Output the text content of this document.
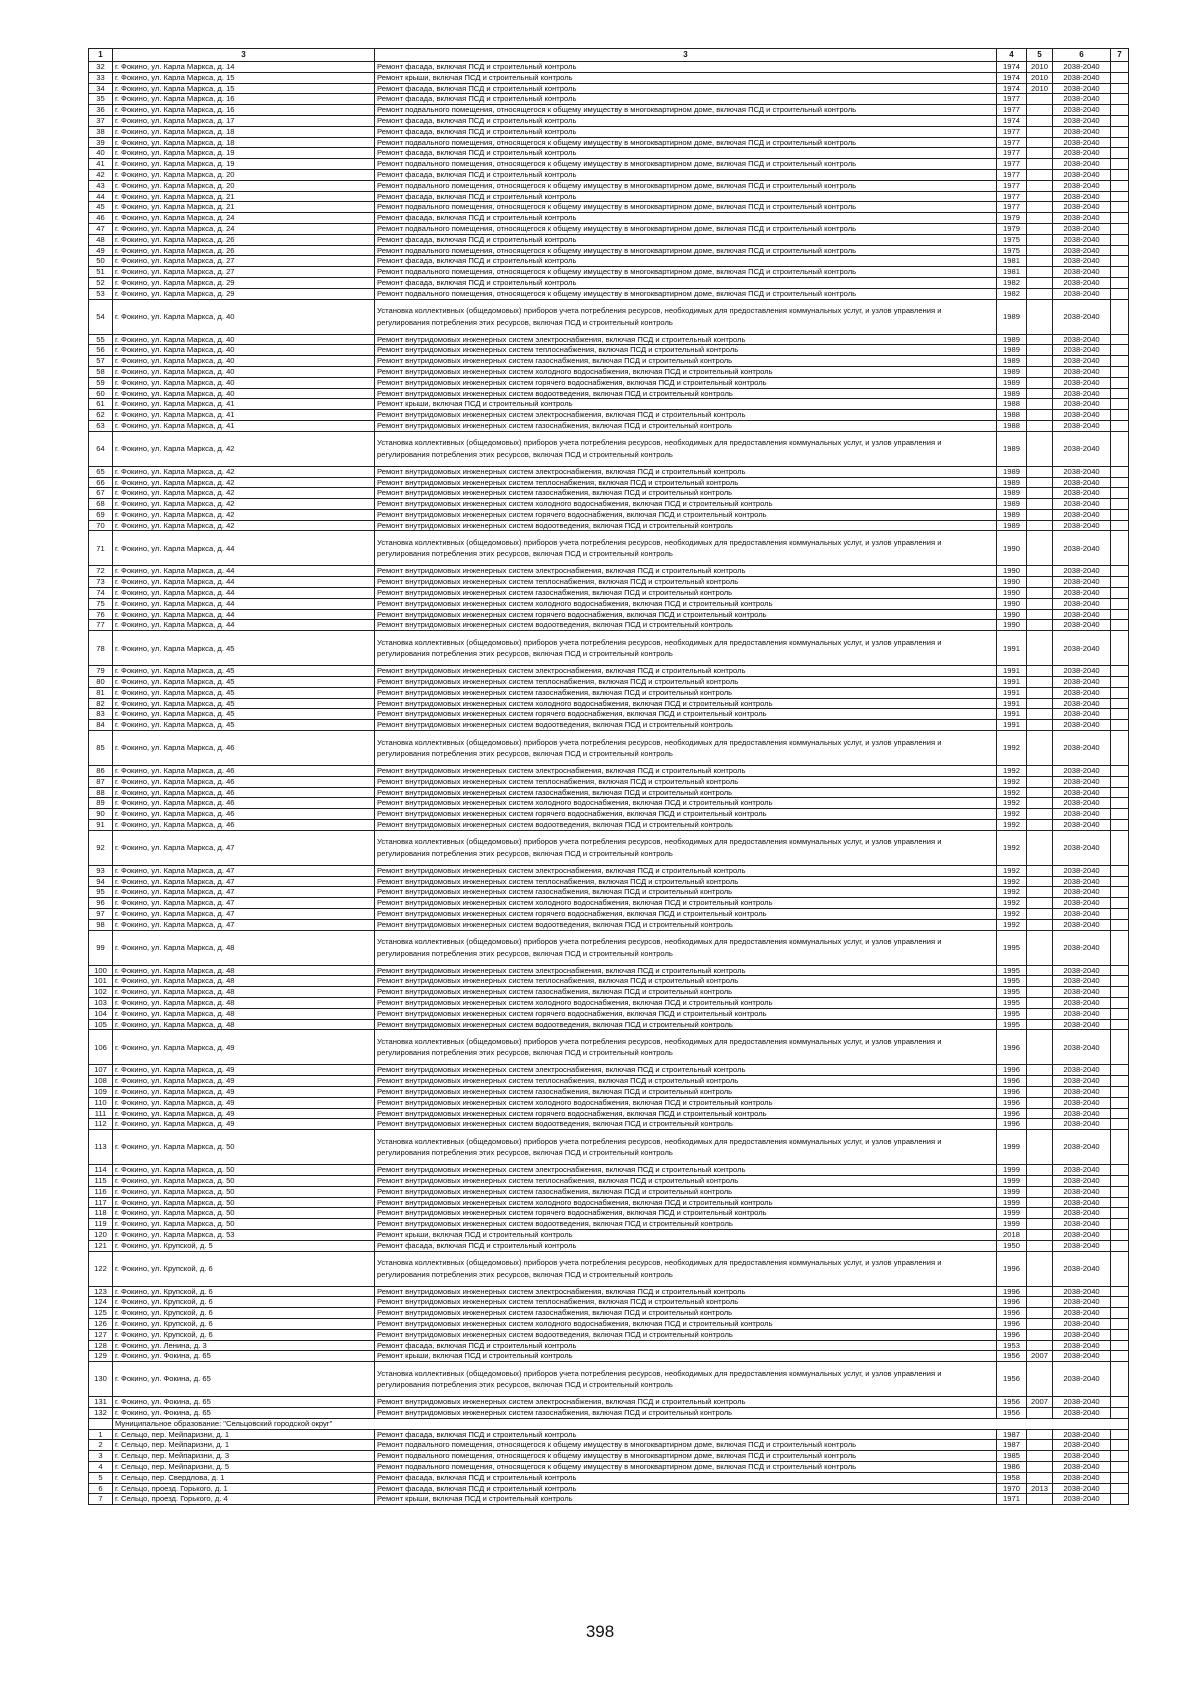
1	3	3	4	5	6	7
32	г. Фокино, ул. Карла Маркса, д. 14	Ремонт фасада, включая ПСД и строительный контроль	1974	2010	2038-2040	
33	г. Фокино, ул. Карла Маркса, д. 15	Ремонт крыши, включая ПСД и строительный контроль	1974	2010	2038-2040	
34	г. Фокино, ул. Карла Маркса, д. 15	Ремонт фасада, включая ПСД и строительный контроль	1974	2010	2038-2040	
35	г. Фокино, ул. Карла Маркса, д. 16	Ремонт фасада, включая ПСД и строительный контроль	1977		2038-2040	
36	г. Фокино, ул. Карла Маркса, д. 16	Ремонт подвального помещения, относящегося к общему имуществу в многоквартирном доме, включая ПСД и строительный контроль	1977		2038-2040	
37	г. Фокино, ул. Карла Маркса, д. 17	Ремонт фасада, включая ПСД и строительный контроль	1974		2038-2040	
38	г. Фокино, ул. Карла Маркса, д. 18	Ремонт фасада, включая ПСД и строительный контроль	1977		2038-2040	
39	г. Фокино, ул. Карла Маркса, д. 18	Ремонт подвального помещения, относящегося к общему имуществу в многоквартирном доме, включая ПСД и строительный контроль	1977		2038-2040	
40	г. Фокино, ул. Карла Маркса, д. 19	Ремонт фасада, включая ПСД и строительный контроль	1977		2038-2040	
41	г. Фокино, ул. Карла Маркса, д. 19	Ремонт подвального помещения, относящегося к общему имуществу в многоквартирном доме, включая ПСД и строительный контроль	1977		2038-2040	
42	г. Фокино, ул. Карла Маркса, д. 20	Ремонт фасада, включая ПСД и строительный контроль	1977		2038-2040	
43	г. Фокино, ул. Карла Маркса, д. 20	Ремонт подвального помещения, относящегося к общему имуществу в многоквартирном доме, включая ПСД и строительный контроль	1977		2038-2040	
44	г. Фокино, ул. Карла Маркса, д. 21	Ремонт фасада, включая ПСД и строительный контроль	1977		2038-2040	
45	г. Фокино, ул. Карла Маркса, д. 21	Ремонт подвального помещения, относящегося к общему имуществу в многоквартирном доме, включая ПСД и строительный контроль	1977		2038-2040	
46	г. Фокино, ул. Карла Маркса, д. 24	Ремонт фасада, включая ПСД и строительный контроль	1979		2038-2040	
47	г. Фокино, ул. Карла Маркса, д. 24	Ремонт подвального помещения, относящегося к общему имуществу в многоквартирном доме, включая ПСД и строительный контроль	1979		2038-2040	
48	г. Фокино, ул. Карла Маркса, д. 26	Ремонт фасада, включая ПСД и строительный контроль	1975		2038-2040	
49	г. Фокино, ул. Карла Маркса, д. 26	Ремонт подвального помещения, относящегося к общему имуществу в многоквартирном доме, включая ПСД и строительный контроль	1975		2038-2040	
50	г. Фокино, ул. Карла Маркса, д. 27	Ремонт фасада, включая ПСД и строительный контроль	1981		2038-2040	
51	г. Фокино, ул. Карла Маркса, д. 27	Ремонт подвального помещения, относящегося к общему имуществу в многоквартирном доме, включая ПСД и строительный контроль	1981		2038-2040	
52	г. Фокино, ул. Карла Маркса, д. 29	Ремонт фасада, включая ПСД и строительный контроль	1982		2038-2040	
53	г. Фокино, ул. Карла Маркса, д. 29	Ремонт подвального помещения, относящегося к общему имуществу в многоквартирном доме, включая ПСД и строительный контроль	1982		2038-2040	
54	г. Фокино, ул. Карла Маркса, д. 40	Установка коллективных (общедомовых) приборов учета потребления ресурсов, необходимых для предоставления коммунальных услуг, и узлов управления и регулирования потребления этих ресурсов, включая ПСД и строительный контроль	1989		2038-2040	
55	г. Фокино, ул. Карла Маркса, д. 40	Ремонт внутридомовых инженерных систем электроснабжения, включая ПСД и строительный контроль	1989		2038-2040	
56	г. Фокино, ул. Карла Маркса, д. 40	Ремонт внутридомовых инженерных систем теплоснабжения, включая ПСД и строительный контроль	1989		2038-2040	
57	г. Фокино, ул. Карла Маркса, д. 40	Ремонт внутридомовых инженерных систем газоснабжения, включая ПСД и строительный контроль	1989		2038-2040	
58	г. Фокино, ул. Карла Маркса, д. 40	Ремонт внутридомовых инженерных систем холодного водоснабжения, включая ПСД и строительный контроль	1989		2038-2040	
59	г. Фокино, ул. Карла Маркса, д. 40	Ремонт внутридомовых инженерных систем горячего водоснабжения, включая ПСД и строительный контроль	1989		2038-2040	
60	г. Фокино, ул. Карла Маркса, д. 40	Ремонт внутридомовых инженерных систем водоотведения, включая ПСД и строительный контроль	1989		2038-2040	
61	г. Фокино, ул. Карла Маркса, д. 41	Ремонт крыши, включая ПСД и строительный контроль	1988		2038-2040	
62	г. Фокино, ул. Карла Маркса, д. 41	Ремонт внутридомовых инженерных систем электроснабжения, включая ПСД и строительный контроль	1988		2038-2040	
63	г. Фокино, ул. Карла Маркса, д. 41	Ремонт внутридомовых инженерных систем газоснабжения, включая ПСД и строительный контроль	1988		2038-2040	
64	г. Фокино, ул. Карла Маркса, д. 42	Установка коллективных (общедомовых) приборов учета потребления ресурсов, необходимых для предоставления коммунальных услуг, и узлов управления и регулирования потребления этих ресурсов, включая ПСД и строительный контроль	1989		2038-2040	
65	г. Фокино, ул. Карла Маркса, д. 42	Ремонт внутридомовых инженерных систем электроснабжения, включая ПСД и строительный контроль	1989		2038-2040	
66	г. Фокино, ул. Карла Маркса, д. 42	Ремонт внутридомовых инженерных систем теплоснабжения, включая ПСД и строительный контроль	1989		2038-2040	
67	г. Фокино, ул. Карла Маркса, д. 42	Ремонт внутридомовых инженерных систем газоснабжения, включая ПСД и строительный контроль	1989		2038-2040	
68	г. Фокино, ул. Карла Маркса, д. 42	Ремонт внутридомовых инженерных систем холодного водоснабжения, включая ПСД и строительный контроль	1989		2038-2040	
69	г. Фокино, ул. Карла Маркса, д. 42	Ремонт внутридомовых инженерных систем горячего водоснабжения, включая ПСД и строительный контроль	1989		2038-2040	
70	г. Фокино, ул. Карла Маркса, д. 42	Ремонт внутридомовых инженерных систем водоотведения, включая ПСД и строительный контроль	1989		2038-2040	
71	г. Фокино, ул. Карла Маркса, д. 44	Установка коллективных (общедомовых) приборов учета потребления ресурсов, необходимых для предоставления коммунальных услуг, и узлов управления и регулирования потребления этих ресурсов, включая ПСД и строительный контроль	1990		2038-2040	
72	г. Фокино, ул. Карла Маркса, д. 44	Ремонт внутридомовых инженерных систем электроснабжения, включая ПСД и строительный контроль	1990		2038-2040	
73	г. Фокино, ул. Карла Маркса, д. 44	Ремонт внутридомовых инженерных систем теплоснабжения, включая ПСД и строительный контроль	1990		2038-2040	
74	г. Фокино, ул. Карла Маркса, д. 44	Ремонт внутридомовых инженерных систем газоснабжения, включая ПСД и строительный контроль	1990		2038-2040	
75	г. Фокино, ул. Карла Маркса, д. 44	Ремонт внутридомовых инженерных систем холодного водоснабжения, включая ПСД и строительный контроль	1990		2038-2040	
76	г. Фокино, ул. Карла Маркса, д. 44	Ремонт внутридомовых инженерных систем горячего водоснабжения, включая ПСД и строительный контроль	1990		2038-2040	
77	г. Фокино, ул. Карла Маркса, д. 44	Ремонт внутридомовых инженерных систем водоотведения, включая ПСД и строительный контроль	1990		2038-2040	
78	г. Фокино, ул. Карла Маркса, д. 45	Установка коллективных (общедомовых) приборов учета потребления ресурсов, необходимых для предоставления коммунальных услуг, и узлов управления и регулирования потребления этих ресурсов, включая ПСД и строительный контроль	1991		2038-2040	
79	г. Фокино, ул. Карла Маркса, д. 45	Ремонт внутридомовых инженерных систем электроснабжения, включая ПСД и строительный контроль	1991		2038-2040	
80	г. Фокино, ул. Карла Маркса, д. 45	Ремонт внутридомовых инженерных систем теплоснабжения, включая ПСД и строительный контроль	1991		2038-2040	
81	г. Фокино, ул. Карла Маркса, д. 45	Ремонт внутридомовых инженерных систем газоснабжения, включая ПСД и строительный контроль	1991		2038-2040	
82	г. Фокино, ул. Карла Маркса, д. 45	Ремонт внутридомовых инженерных систем холодного водоснабжения, включая ПСД и строительный контроль	1991		2038-2040	
83	г. Фокино, ул. Карла Маркса, д. 45	Ремонт внутридомовых инженерных систем горячего водоснабжения, включая ПСД и строительный контроль	1991		2038-2040	
84	г. Фокино, ул. Карла Маркса, д. 45	Ремонт внутридомовых инженерных систем водоотведения, включая ПСД и строительный контроль	1991		2038-2040	
85	г. Фокино, ул. Карла Маркса, д. 46	Установка коллективных (общедомовых) приборов учета потребления ресурсов, необходимых для предоставления коммунальных услуг, и узлов управления и регулирования потребления этих ресурсов, включая ПСД и строительный контроль	1992		2038-2040	
86	г. Фокино, ул. Карла Маркса, д. 46	Ремонт внутридомовых инженерных систем электроснабжения, включая ПСД и строительный контроль	1992		2038-2040	
87	г. Фокино, ул. Карла Маркса, д. 46	Ремонт внутридомовых инженерных систем теплоснабжения, включая ПСД и строительный контроль	1992		2038-2040	
88	г. Фокино, ул. Карла Маркса, д. 46	Ремонт внутридомовых инженерных систем газоснабжения, включая ПСД и строительный контроль	1992		2038-2040	
89	г. Фокино, ул. Карла Маркса, д. 46	Ремонт внутридомовых инженерных систем холодного водоснабжения, включая ПСД и строительный контроль	1992		2038-2040	
90	г. Фокино, ул. Карла Маркса, д. 46	Ремонт внутридомовых инженерных систем горячего водоснабжения, включая ПСД и строительный контроль	1992		2038-2040	
91	г. Фокино, ул. Карла Маркса, д. 46	Ремонт внутридомовых инженерных систем водоотведения, включая ПСД и строительный контроль	1992		2038-2040	
92	г. Фокино, ул. Карла Маркса, д. 47	Установка коллективных (общедомовых) приборов учета потребления ресурсов, необходимых для предоставления коммунальных услуг, и узлов управления и регулирования потребления этих ресурсов, включая ПСД и строительный контроль	1992		2038-2040	
93	г. Фокино, ул. Карла Маркса, д. 47	Ремонт внутридомовых инженерных систем электроснабжения, включая ПСД и строительный контроль	1992		2038-2040	
94	г. Фокино, ул. Карла Маркса, д. 47	Ремонт внутридомовых инженерных систем теплоснабжения, включая ПСД и строительный контроль	1992		2038-2040	
95	г. Фокино, ул. Карла Маркса, д. 47	Ремонт внутридомовых инженерных систем газоснабжения, включая ПСД и строительный контроль	1992		2038-2040	
96	г. Фокино, ул. Карла Маркса, д. 47	Ремонт внутридомовых инженерных систем холодного водоснабжения, включая ПСД и строительный контроль	1992		2038-2040	
97	г. Фокино, ул. Карла Маркса, д. 47	Ремонт внутридомовых инженерных систем горячего водоснабжения, включая ПСД и строительный контроль	1992		2038-2040	
98	г. Фокино, ул. Карла Маркса, д. 47	Ремонт внутридомовых инженерных систем водоотведения, включая ПСД и строительный контроль	1992		2038-2040	
99	г. Фокино, ул. Карла Маркса, д. 48	Установка коллективных (общедомовых) приборов учета потребления ресурсов, необходимых для предоставления коммунальных услуг, и узлов управления и регулирования потребления этих ресурсов, включая ПСД и строительный контроль	1995		2038-2040	
100	г. Фокино, ул. Карла Маркса, д. 48	Ремонт внутридомовых инженерных систем электроснабжения, включая ПСД и строительный контроль	1995		2038-2040	
101	г. Фокино, ул. Карла Маркса, д. 48	Ремонт внутридомовых инженерных систем теплоснабжения, включая ПСД и строительный контроль	1995		2038-2040	
102	г. Фокино, ул. Карла Маркса, д. 48	Ремонт внутридомовых инженерных систем газоснабжения, включая ПСД и строительный контроль	1995		2038-2040	
103	г. Фокино, ул. Карла Маркса, д. 48	Ремонт внутридомовых инженерных систем холодного водоснабжения, включая ПСД и строительный контроль	1995		2038-2040	
104	г. Фокино, ул. Карла Маркса, д. 48	Ремонт внутридомовых инженерных систем горячего водоснабжения, включая ПСД и строительный контроль	1995		2038-2040	
105	г. Фокино, ул. Карла Маркса, д. 48	Ремонт внутридомовых инженерных систем водоотведения, включая ПСД и строительный контроль	1995		2038-2040	
106	г. Фокино, ул. Карла Маркса, д. 49	Установка коллективных (общедомовых) приборов учета потребления ресурсов, необходимых для предоставления коммунальных услуг, и узлов управления и регулирования потребления этих ресурсов, включая ПСД и строительный контроль	1996		2038-2040	
107	г. Фокино, ул. Карла Маркса, д. 49	Ремонт внутридомовых инженерных систем электроснабжения, включая ПСД и строительный контроль	1996		2038-2040	
108	г. Фокино, ул. Карла Маркса, д. 49	Ремонт внутридомовых инженерных систем теплоснабжения, включая ПСД и строительный контроль	1996		2038-2040	
109	г. Фокино, ул. Карла Маркса, д. 49	Ремонт внутридомовых инженерных систем газоснабжения, включая ПСД и строительный контроль	1996		2038-2040	
110	г. Фокино, ул. Карла Маркса, д. 49	Ремонт внутридомовых инженерных систем холодного водоснабжения, включая ПСД и строительный контроль	1996		2038-2040	
111	г. Фокино, ул. Карла Маркса, д. 49	Ремонт внутридомовых инженерных систем горячего водоснабжения, включая ПСД и строительный контроль	1996		2038-2040	
112	г. Фокино, ул. Карла Маркса, д. 49	Ремонт внутридомовых инженерных систем водоотведения, включая ПСД и строительный контроль	1996		2038-2040	
113	г. Фокино, ул. Карла Маркса, д. 50	Установка коллективных (общедомовых) приборов учета потребления ресурсов, необходимых для предоставления коммунальных услуг, и узлов управления и регулирования потребления этих ресурсов, включая ПСД и строительный контроль	1999		2038-2040	
114	г. Фокино, ул. Карла Маркса, д. 50	Ремонт внутридомовых инженерных систем электроснабжения, включая ПСД и строительный контроль	1999		2038-2040	
115	г. Фокино, ул. Карла Маркса, д. 50	Ремонт внутридомовых инженерных систем теплоснабжения, включая ПСД и строительный контроль	1999		2038-2040	
116	г. Фокино, ул. Карла Маркса, д. 50	Ремонт внутридомовых инженерных систем газоснабжения, включая ПСД и строительный контроль	1999		2038-2040	
117	г. Фокино, ул. Карла Маркса, д. 50	Ремонт внутридомовых инженерных систем холодного водоснабжения, включая ПСД и строительный контроль	1999		2038-2040	
118	г. Фокино, ул. Карла Маркса, д. 50	Ремонт внутридомовых инженерных систем горячего водоснабжения, включая ПСД и строительный контроль	1999		2038-2040	
119	г. Фокино, ул. Карла Маркса, д. 50	Ремонт внутридомовых инженерных систем водоотведения, включая ПСД и строительный контроль	1999		2038-2040	
120	г. Фокино, ул. Карла Маркса, д. 53	Ремонт крыши, включая ПСД и строительный контроль	2018		2038-2040	
121	г. Фокино, ул. Крупской, д. 5	Ремонт фасада, включая ПСД и строительный контроль	1950		2038-2040	
122	г. Фокино, ул. Крупской, д. 6	Установка коллективных (общедомовых) приборов учета потребления ресурсов, необходимых для предоставления коммунальных услуг, и узлов управления и регулирования потребления этих ресурсов, включая ПСД и строительный контроль	1996		2038-2040	
123	г. Фокино, ул. Крупской, д. 6	Ремонт внутридомовых инженерных систем электроснабжения, включая ПСД и строительный контроль	1996		2038-2040	
124	г. Фокино, ул. Крупской, д. 6	Ремонт внутридомовых инженерных систем теплоснабжения, включая ПСД и строительный контроль	1996		2038-2040	
125	г. Фокино, ул. Крупской, д. 6	Ремонт внутридомовых инженерных систем газоснабжения, включая ПСД и строительный контроль	1996		2038-2040	
126	г. Фокино, ул. Крупской, д. 6	Ремонт внутридомовых инженерных систем холодного водоснабжения, включая ПСД и строительный контроль	1996		2038-2040	
127	г. Фокино, ул. Крупской, д. 6	Ремонт внутридомовых инженерных систем водоотведения, включая ПСД и строительный контроль	1996		2038-2040	
128	г. Фокино, ул. Ленина, д. 3	Ремонт фасада, включая ПСД и строительный контроль	1953		2038-2040	
129	г. Фокино, ул. Фокина, д. 65	Ремонт крыши, включая ПСД и строительный контроль	1956	2007	2038-2040	
130	г. Фокино, ул. Фокина, д. 65	Установка коллективных (общедомовых) приборов учета потребления ресурсов, необходимых для предоставления коммунальных услуг, и узлов управления и регулирования потребления этих ресурсов, включая ПСД и строительный контроль	1956		2038-2040	
131	г. Фокино, ул. Фокина, д. 65	Ремонт внутридомовых инженерных систем электроснабжения, включая ПСД и строительный контроль	1956	2007	2038-2040	
132	г. Фокино, ул. Фокина, д. 65	Ремонт внутридомовых инженерных систем газоснабжения, включая ПСД и строительный контроль	1956		2038-2040	
	Муниципальное образование: "Сельцовский городской округ"					
1	г. Сельцо, пер. Мейпаризни, д. 1	Ремонт фасада, включая ПСД и строительный контроль	1987		2038-2040	
2	г. Сельцо, пер. Мейпаризни, д. 1	Ремонт подвального помещения, относящегося к общему имуществу в многоквартирном доме, включая ПСД и строительный контроль	1987		2038-2040	
3	г. Сельцо, пер. Мейпаризни, д. 3	Ремонт подвального помещения, относящегося к общему имуществу в многоквартирном доме, включая ПСД и строительный контроль	1985		2038-2040	
4	г. Сельцо, пер. Мейпаризни, д. 5	Ремонт подвального помещения, относящегося к общему имуществу в многоквартирном доме, включая ПСД и строительный контроль	1986		2038-2040	
5	г. Сельцо, пер. Свердлова, д. 1	Ремонт фасада, включая ПСД и строительный контроль	1958		2038-2040	
6	г. Сельцо, проезд. Горького, д. 1	Ремонт фасада, включая ПСД и строительный контроль	1970	2013	2038-2040	
7	г. Сельцо, проезд. Горького, д. 4	Ремонт крыши, включая ПСД и строительный контроль	1971		2038-2040	
398
